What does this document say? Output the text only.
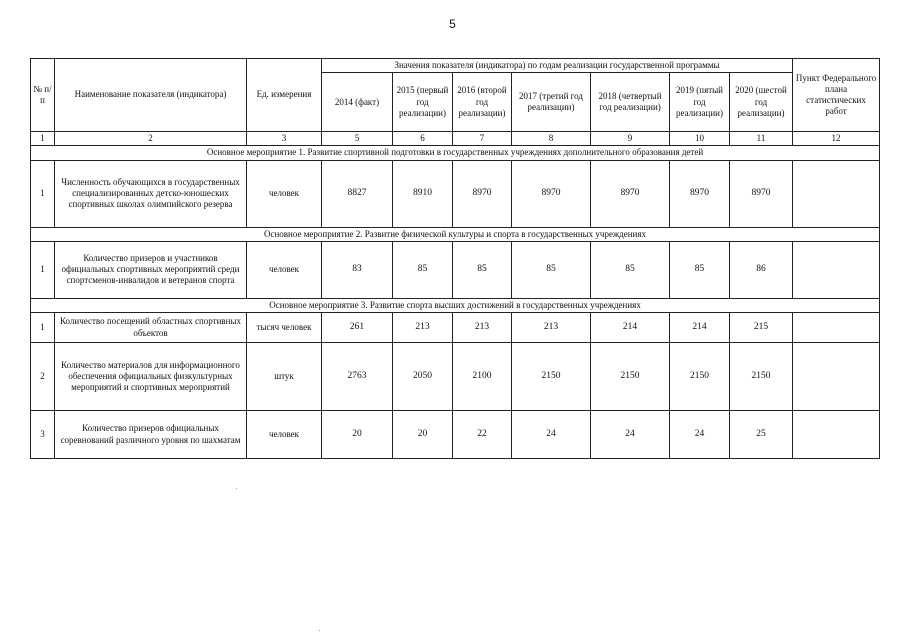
5
№ п/п	Наименование показателя (индикатора)	Ед. измерения	Значения показателя (индикатора) по годам реализации государственной программы							Пункт Федерального плана статистических работ
			2014 (факт)	2015 (первый год реализации)	2016 (второй год реализации)	2017 (третий год реализации)	2018 (четвертый год реализации)	2019 (пятый год реализации)	2020 (шестой год реализации)	
1	2	3	5	6	7	8	9	10	11	12
Основное мероприятие 1. Развитие спортивной подготовки в государственных учреждениях дополнительного образования детей										
1	Численность обучающихся в государственных специализированных детско-юношеских спортивных школах олимпийского резерва	человек	8827	8910	8970	8970	8970	8970	8970	
Основное мероприятие 2. Развитие физической культуры и спорта в государственных учреждениях										
1	Количество призеров и участников официальных спортивных мероприятий среди спортсменов-инвалидов и ветеранов спорта	человек	83	85	85	85	85	85	86	
Основное мероприятие 3. Развитие спорта высших достижений в государственных учреждениях										
1	Количество посещений областных спортивных объектов	тысяч человек	261	213	213	213	214	214	215	
2	Количество материалов для информационного обеспечения официальных физкультурных мероприятий и спортивных мероприятий	штук	2763	2050	2100	2150	2150	2150	2150	
3	Количество призеров официальных соревнований различного уровня по шахматам	человек	20	20	22	24	24	24	25	
